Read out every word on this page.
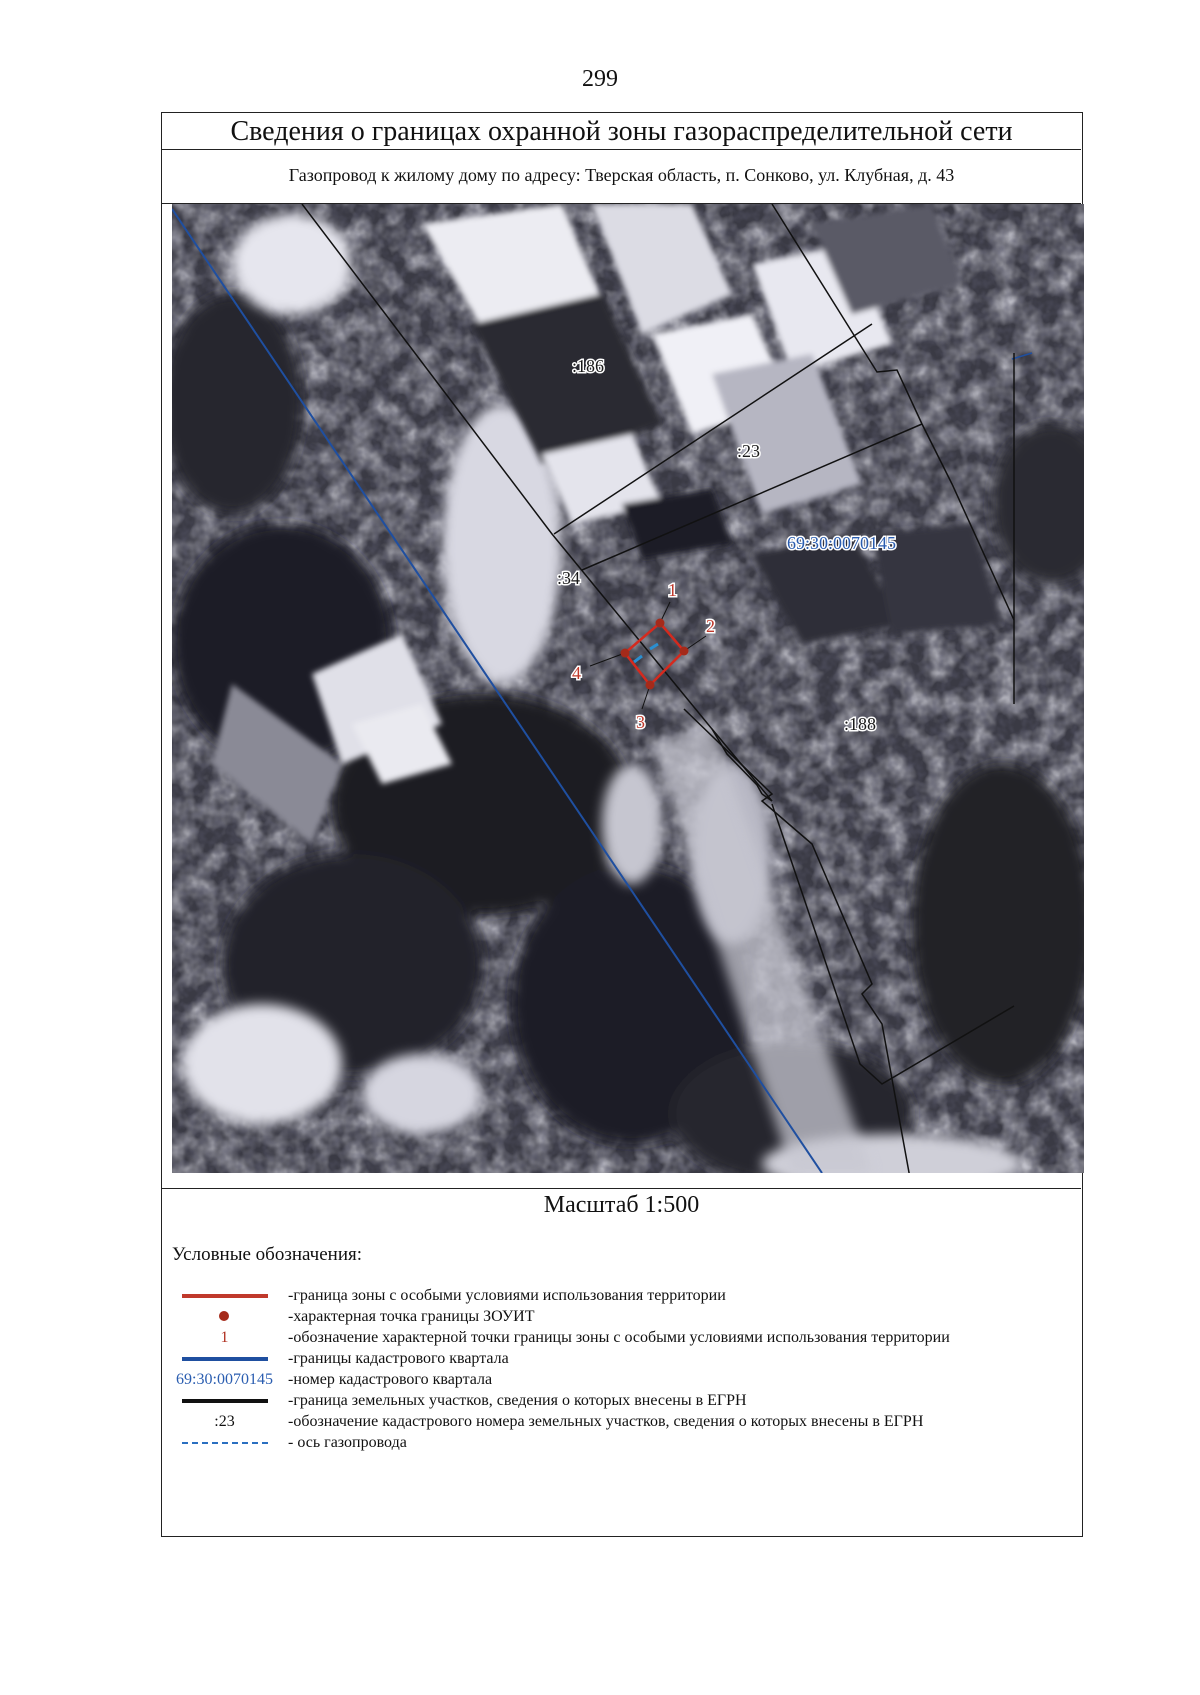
299
Сведения о границах охранной зоны газораспределительной сети
Газопровод к жилому дому по адресу: Тверская область, п. Сонково, ул. Клубная, д. 43
:186
:23
:34
:188
69:30:0070145
1
2
3
4
Масштаб 1:500
Условные обозначения:
-граница зоны с особыми условиями использования территории
-характерная точка границы ЗОУИТ
1	-обозначение характерной точки границы зоны с особыми условиями использования территории
-границы кадастрового квартала
69:30:0070145 -номер кадастрового квартала
-граница земельных участков, сведения о которых внесены в ЕГРН
:23	-обозначение кадастрового номера земельных участков, сведения о которых внесены в ЕГРН
- ось газопровода
